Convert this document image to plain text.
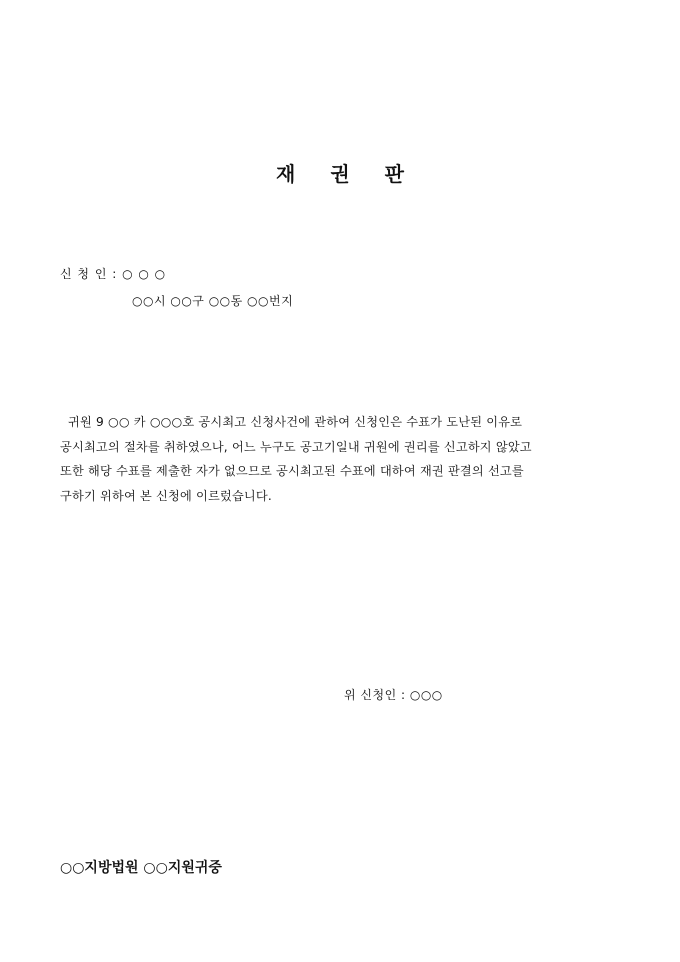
재 권 판
신 청 인 : ○ ○ ○
○○시 ○○구 ○○동 ○○번지
귀원 9 ○○ 카 ○○○호 공시최고 신청사건에 관하여 신청인은 수표가 도난된 이유로
공시최고의 절차를 취하였으나, 어느 누구도 공고기일내 귀원에 권리를 신고하지 않았고
또한 해당 수표를 제출한 자가 없으므로 공시최고된 수표에 대하여 재권 판결의 선고를
구하기 위하여 본 신청에 이르렀습니다.
위 신청인 : ○○○
○○지방법원 ○○지원귀중
